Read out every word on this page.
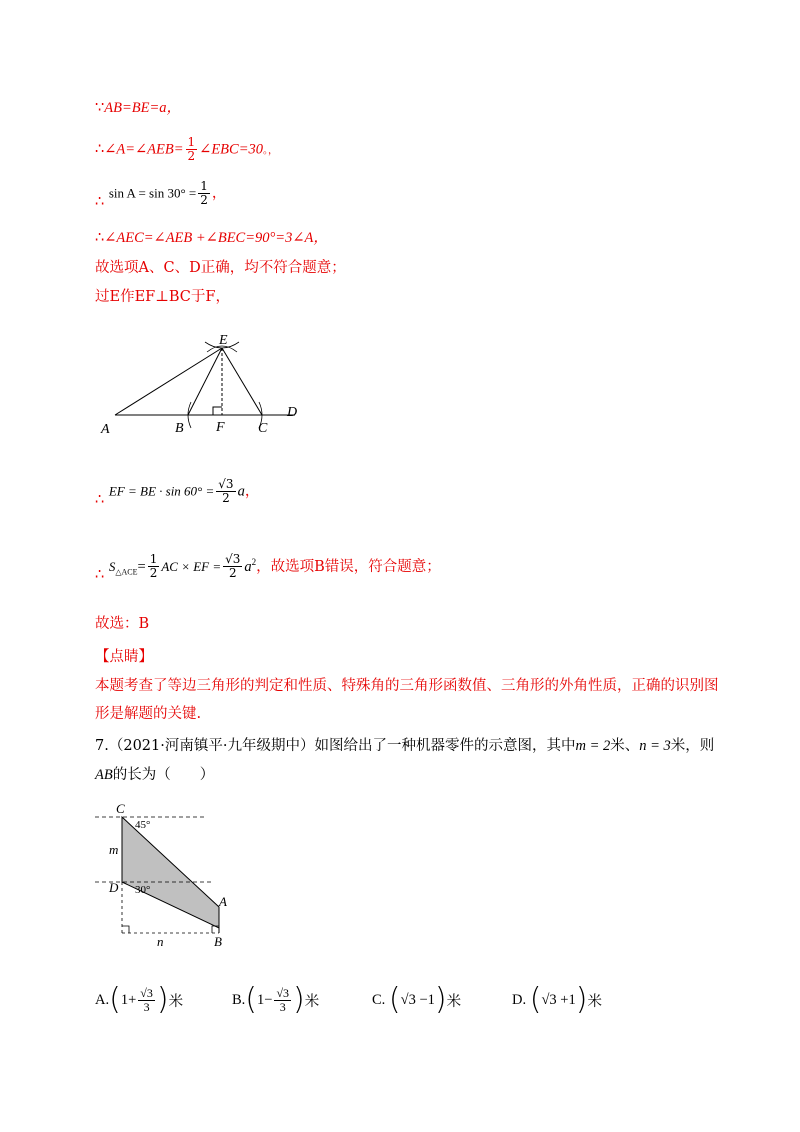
∵AB=BE=a，
∴∠A=∠AEB= $\frac{1}{2}$ ∠EBC=30。，
∴ $\sin A = \sin 30^\circ = \frac{1}{2}$ ，
∴∠AEC=∠AEB +∠BEC=90°=3∠A，
故选项A、C、D正确，均不符合题意；
过E作EF⊥BC于F，
A	B F C
D
E
∴ EF = BE · $\sin 60^\circ = \frac{√3}{2}$ a，
∴ $S_{\triangle ACE}= \frac{1}{2}$ AC × EF = $\frac{√3}{2} a^2$，故选项B错误，符合题意；
故选：B
【点睛】
本题考查了等边三角形的判定和性质、特殊角的三角形函数值、三角形的外角性质，正确的识别图
形是解题的关键.
7.（2021·河南镇平·九年级期中）如图给出了一种机器零件的示意图，其中m = 2米、n = 3米，则
AB的长为（　　）
C
m
D
A
B
n
45°
30°
A. ( $1+ \frac{√3}{3}$ ) 米	B. ( $1- \frac{√3}{3}$ ) 米	C.
( √3 −1 ) 米	D.
( √3 +1 ) 米
